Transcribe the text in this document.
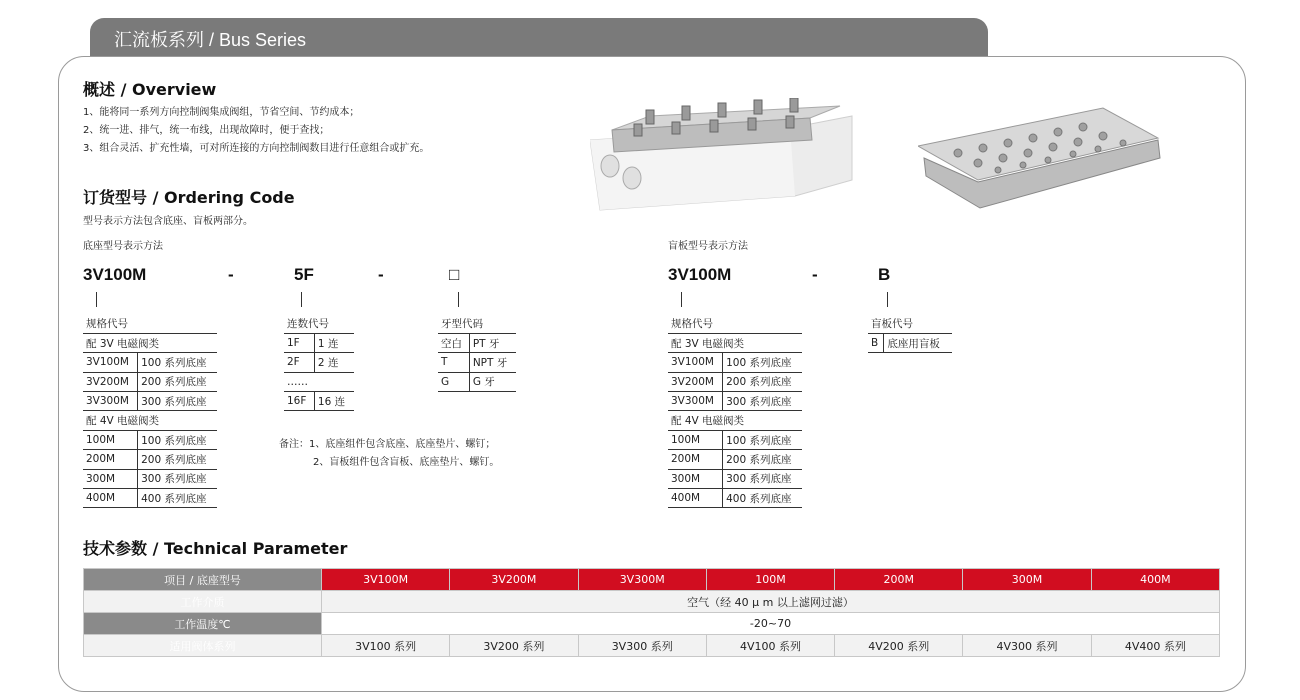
汇流板系列 / Bus Series
概述 / Overview
1、能将同一系列方向控制阀集成阀组，节省空间、节约成本；
2、统一进、排气，统一布线，出现故障时，便于查找；
3、组合灵活、扩充性墙，可对所连接的方向控制阀数目进行任意组合或扩充。
订货型号 / Ordering Code
型号表示方法包含底座、盲板两部分。
底座型号表示方法	盲板型号表示方法
3V100M	-	5F	-	□	3V100M	-	B
规格代号	
配 3V 电磁阀类	
3V100M	100 系列底座
3V200M	200 系列底座
3V300M	300 系列底座
配 4V 电磁阀类	
100M	100 系列底座
200M	200 系列底座
300M	300 系列底座
400M	400 系列底座
连数代号	
1F	1 连
2F	2 连
……	
16F	16 连
牙型代码	
空白	PT 牙
T	NPT 牙
G	G 牙
备注：1、底座组件包含底座、底座垫片、螺钉；
2、盲板组件包含盲板、底座垫片、螺钉。
规格代号	
配 3V 电磁阀类	
3V100M	100 系列底座
3V200M	200 系列底座
3V300M	300 系列底座
配 4V 电磁阀类	
100M	100 系列底座
200M	200 系列底座
300M	300 系列底座
400M	400 系列底座
盲板代号
B	底座用盲板
技术参数 / Technical Parameter
项目 / 底座型号	3V100M	3V200M	3V300M	100M	200M	300M	400M
工作介质	空气（经 40 μ m 以上滤网过滤）						
工作温度℃	-20~70						
适用阀体系列	3V100 系列	3V200 系列	3V300 系列	4V100 系列	4V200 系列	4V300 系列	4V400 系列
